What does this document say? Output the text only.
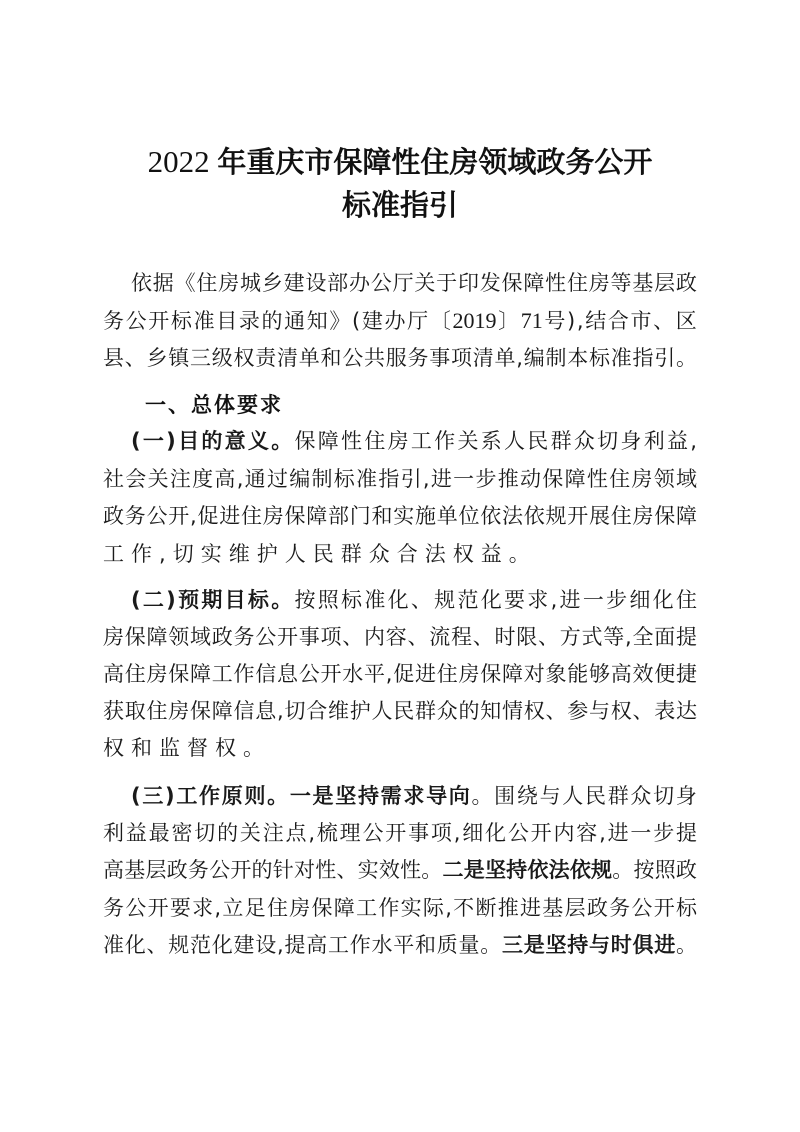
2022 年重庆市保障性住房领域政务公开
标准指引
依 据 《 住 房 城 乡 建 设 部 办 公 厅 关 于 印 发 保 障 性 住 房 等 基 层 政
务 公 开 标 准 目 录 的 通 知 》 ( 建 办 厅 〔 2019 〕 71 号 ) , 结 合 市 、 区
县 、 乡 镇 三 级 权 责 清 单 和 公 共 服 务 事 项 清 单 , 编 制 本 标 准 指 引 。
一、总体要求
( 一 ) 目 的 意 义 。 保 障 性 住 房 工 作 关 系 人 民 群 众 切 身 利 益 ,
社 会 关 注 度 高 , 通 过 编 制 标 准 指 引 , 进 一 步 推 动 保 障 性 住 房 领 域
政 务 公 开 , 促 进 住 房 保 障 部 门 和 实 施 单 位 依 法 依 规 开 展 住 房 保 障
工 作 , 切 实 维 护 人 民 群 众 合 法 权 益 。
( 二 ) 预 期 目 标 。 按 照 标 准 化 、 规 范 化 要 求 , 进 一 步 细 化 住
房 保 障 领 域 政 务 公 开 事 项 、 内 容 、 流 程 、 时 限 、 方 式 等 , 全 面 提
高 住 房 保 障 工 作 信 息 公 开 水 平 , 促 进 住 房 保 障 对 象 能 够 高 效 便 捷
获 取 住 房 保 障 信 息 , 切 合 维 护 人 民 群 众 的 知 情 权 、 参 与 权 、 表 达
权 和 监 督 权 。
( 三 ) 工 作 原 则 。 一 是 坚 持 需 求 导 向 。 围 绕 与 人 民 群 众 切 身
利 益 最 密 切 的 关 注 点 , 梳 理 公 开 事 项 , 细 化 公 开 内 容 , 进 一 步 提
高 基 层 政 务 公 开 的 针 对 性 、 实 效 性 。 二 是 坚 持 依 法 依 规 。 按 照 政
务 公 开 要 求 , 立 足 住 房 保 障 工 作 实 际 , 不 断 推 进 基 层 政 务 公 开 标
准 化 、 规 范 化 建 设 , 提 高 工 作 水 平 和 质 量 。 三 是 坚 持 与 时 俱 进 。
